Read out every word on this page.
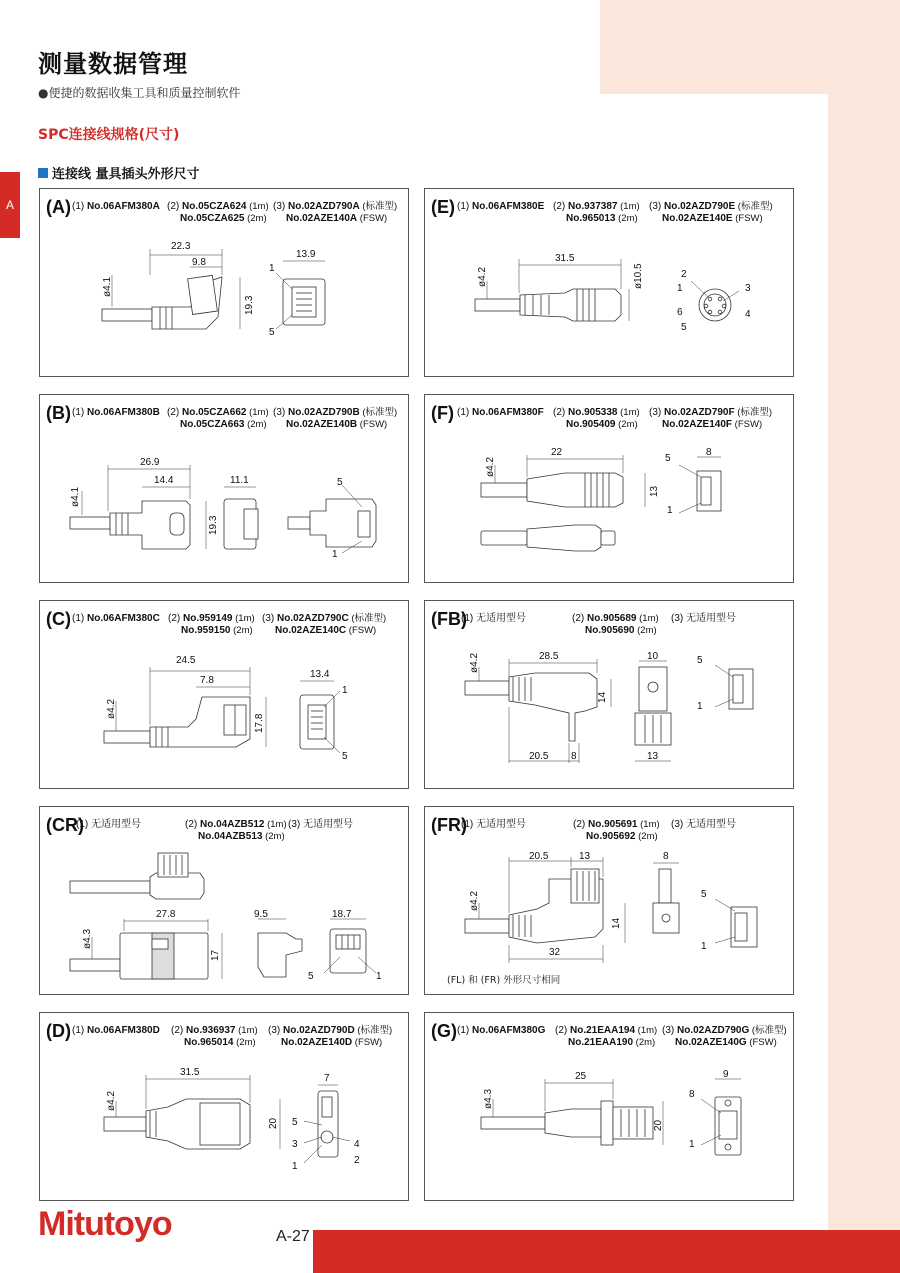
A
测量数据管理
●便捷的数据收集工具和质量控制软件
SPC连接线规格(尺寸)
连接线 量具插头外形尺寸
(A) (1) No.06AFM380A (2) No.05CZA624 (1m)
No.05CZA625 (2m)
(3) No.02AZD790A (标准型)
No.02AZE140A (FSW)
22.3
9.8
ø4.1
19.3
13.9
1
5
(E) (1) No.06AFM380E (2) No.937387 (1m)
No.965013 (2m)
(3) No.02AZD790E (标准型)
No.02AZE140E (FSW)
31.5
ø4.2	ø10.5	2
1	3
6	4
5
(B) (1) No.06AFM380B (2) No.05CZA662 (1m)
No.05CZA663 (2m)
(3) No.02AZD790B (标准型)
No.02AZE140B (FSW)
26.9
14.4
ø4.1
19.3
11.1	5
1
(F) (1) No.06AFM380F (2) No.905338 (1m)
No.905409 (2m)
(3) No.02AZD790F (标准型)
No.02AZE140F (FSW)
22
ø4.2
13
5
8
1
(C) (1) No.06AFM380C (2) No.959149 (1m)
No.959150 (2m)
(3) No.02AZD790C (标准型)
No.02AZE140C (FSW)
24.5
7.8
ø4.2
17.8
13.4
1
5
(FB)
(1) 无适用型号	(2) No.905689 (1m)
No.905690 (2m)
(3) 无适用型号
28.5
ø4.2
14
20.5 8
10
13
5
1
(CR)
(1) 无适用型号	(2) No.04AZB512 (1m)
No.04AZB513 (2m)
(3) 无适用型号
27.8
ø4.3
17
9.5	18.7
5	1
(FR)
(1) 无适用型号	(2) No.905691 (1m)
No.905692 (2m)
(3) 无适用型号
20.5	13
ø4.2
14
32
8
5
1
(FL) 和 (FR) 外形尺寸相同
(D) (1) No.06AFM380D (2) No.936937 (1m)
No.965014 (2m)
(3) No.02AZD790D (标准型)
No.02AZE140D (FSW)
31.5
ø4.2
20
7
5
3	4
1
2
(G) (1) No.06AFM380G (2) No.21EAA194 (1m)
No.21EAA190 (2m)
(3) No.02AZD790G (标准型)
No.02AZE140G (FSW)
25
ø4.3
20
9
8
1
Mitutoyo	A-27
